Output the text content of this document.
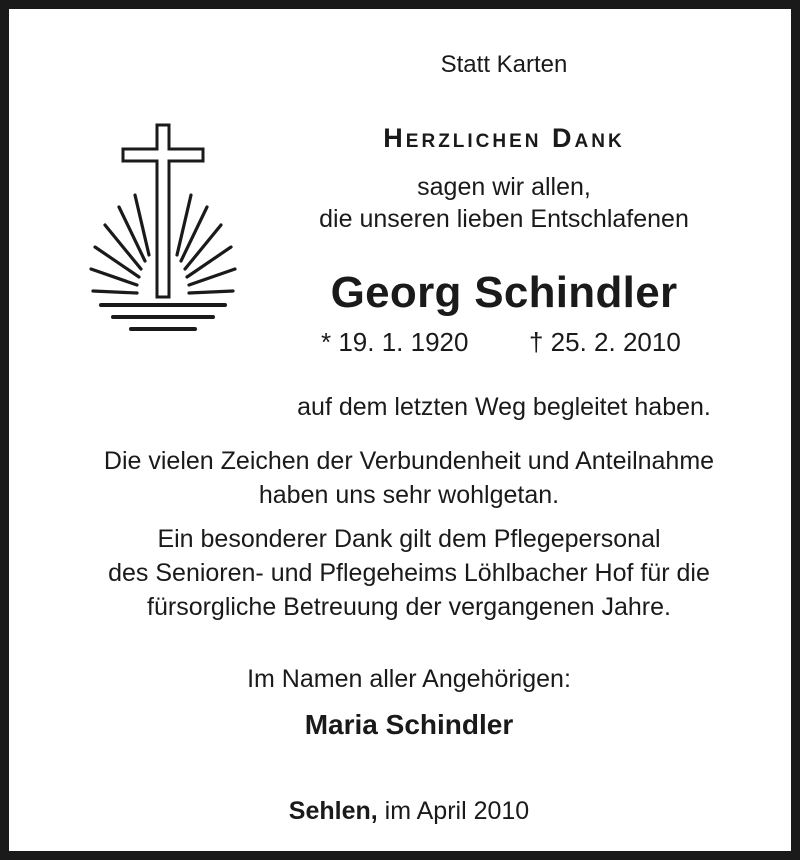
Statt Karten
Herzlichen Dank
sagen wir allen,
die unseren lieben Entschlafenen
Georg Schindler
* 19. 1. 1920 † 25. 2. 2010
auf dem letzten Weg begleitet haben.
Die vielen Zeichen der Verbundenheit und Anteilnahme
haben uns sehr wohlgetan.
Ein besonderer Dank gilt dem Pflegepersonal
des Senioren- und Pflegeheims Löhlbacher Hof für die
fürsorgliche Betreuung der vergangenen Jahre.
Im Namen aller Angehörigen:
Maria Schindler
Sehlen, im April 2010
